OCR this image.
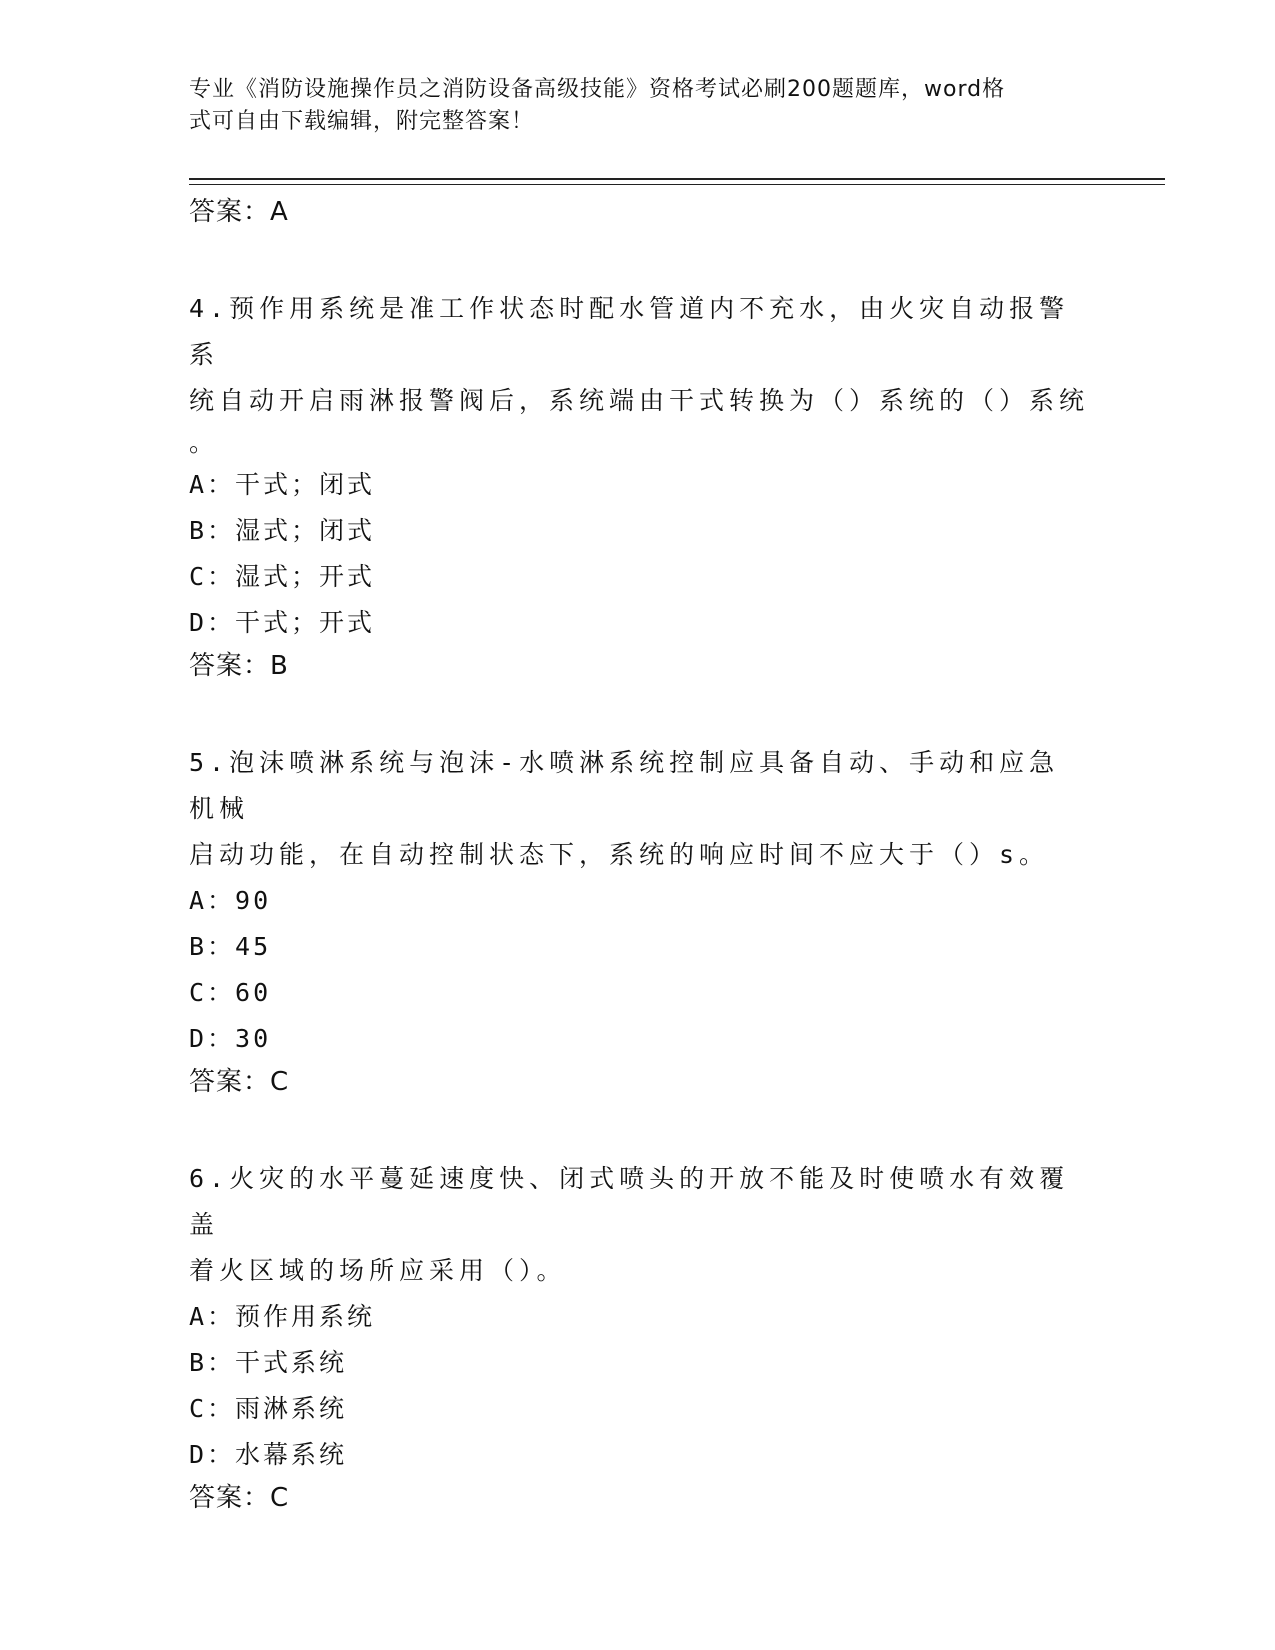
专业《消防设施操作员之消防设备高级技能》资格考试必刷200题题库，word格
式可自由下载编辑，附完整答案！
答案：A
4.预作用系统是准工作状态时配水管道内不充水，由火灾自动报警系
统自动开启雨淋报警阀后，系统端由干式转换为（）系统的（）系统
。
A：干式；闭式
B：湿式；闭式
C：湿式；开式
D：干式；开式
答案：B
5.泡沫喷淋系统与泡沫-水喷淋系统控制应具备自动、手动和应急机械
启动功能，在自动控制状态下，系统的响应时间不应大于（）s。
A：90
B：45
C：60
D：30
答案：C
6.火灾的水平蔓延速度快、闭式喷头的开放不能及时使喷水有效覆盖
着火区域的场所应采用（）。
A：预作用系统
B：干式系统
C：雨淋系统
D：水幕系统
答案：C
